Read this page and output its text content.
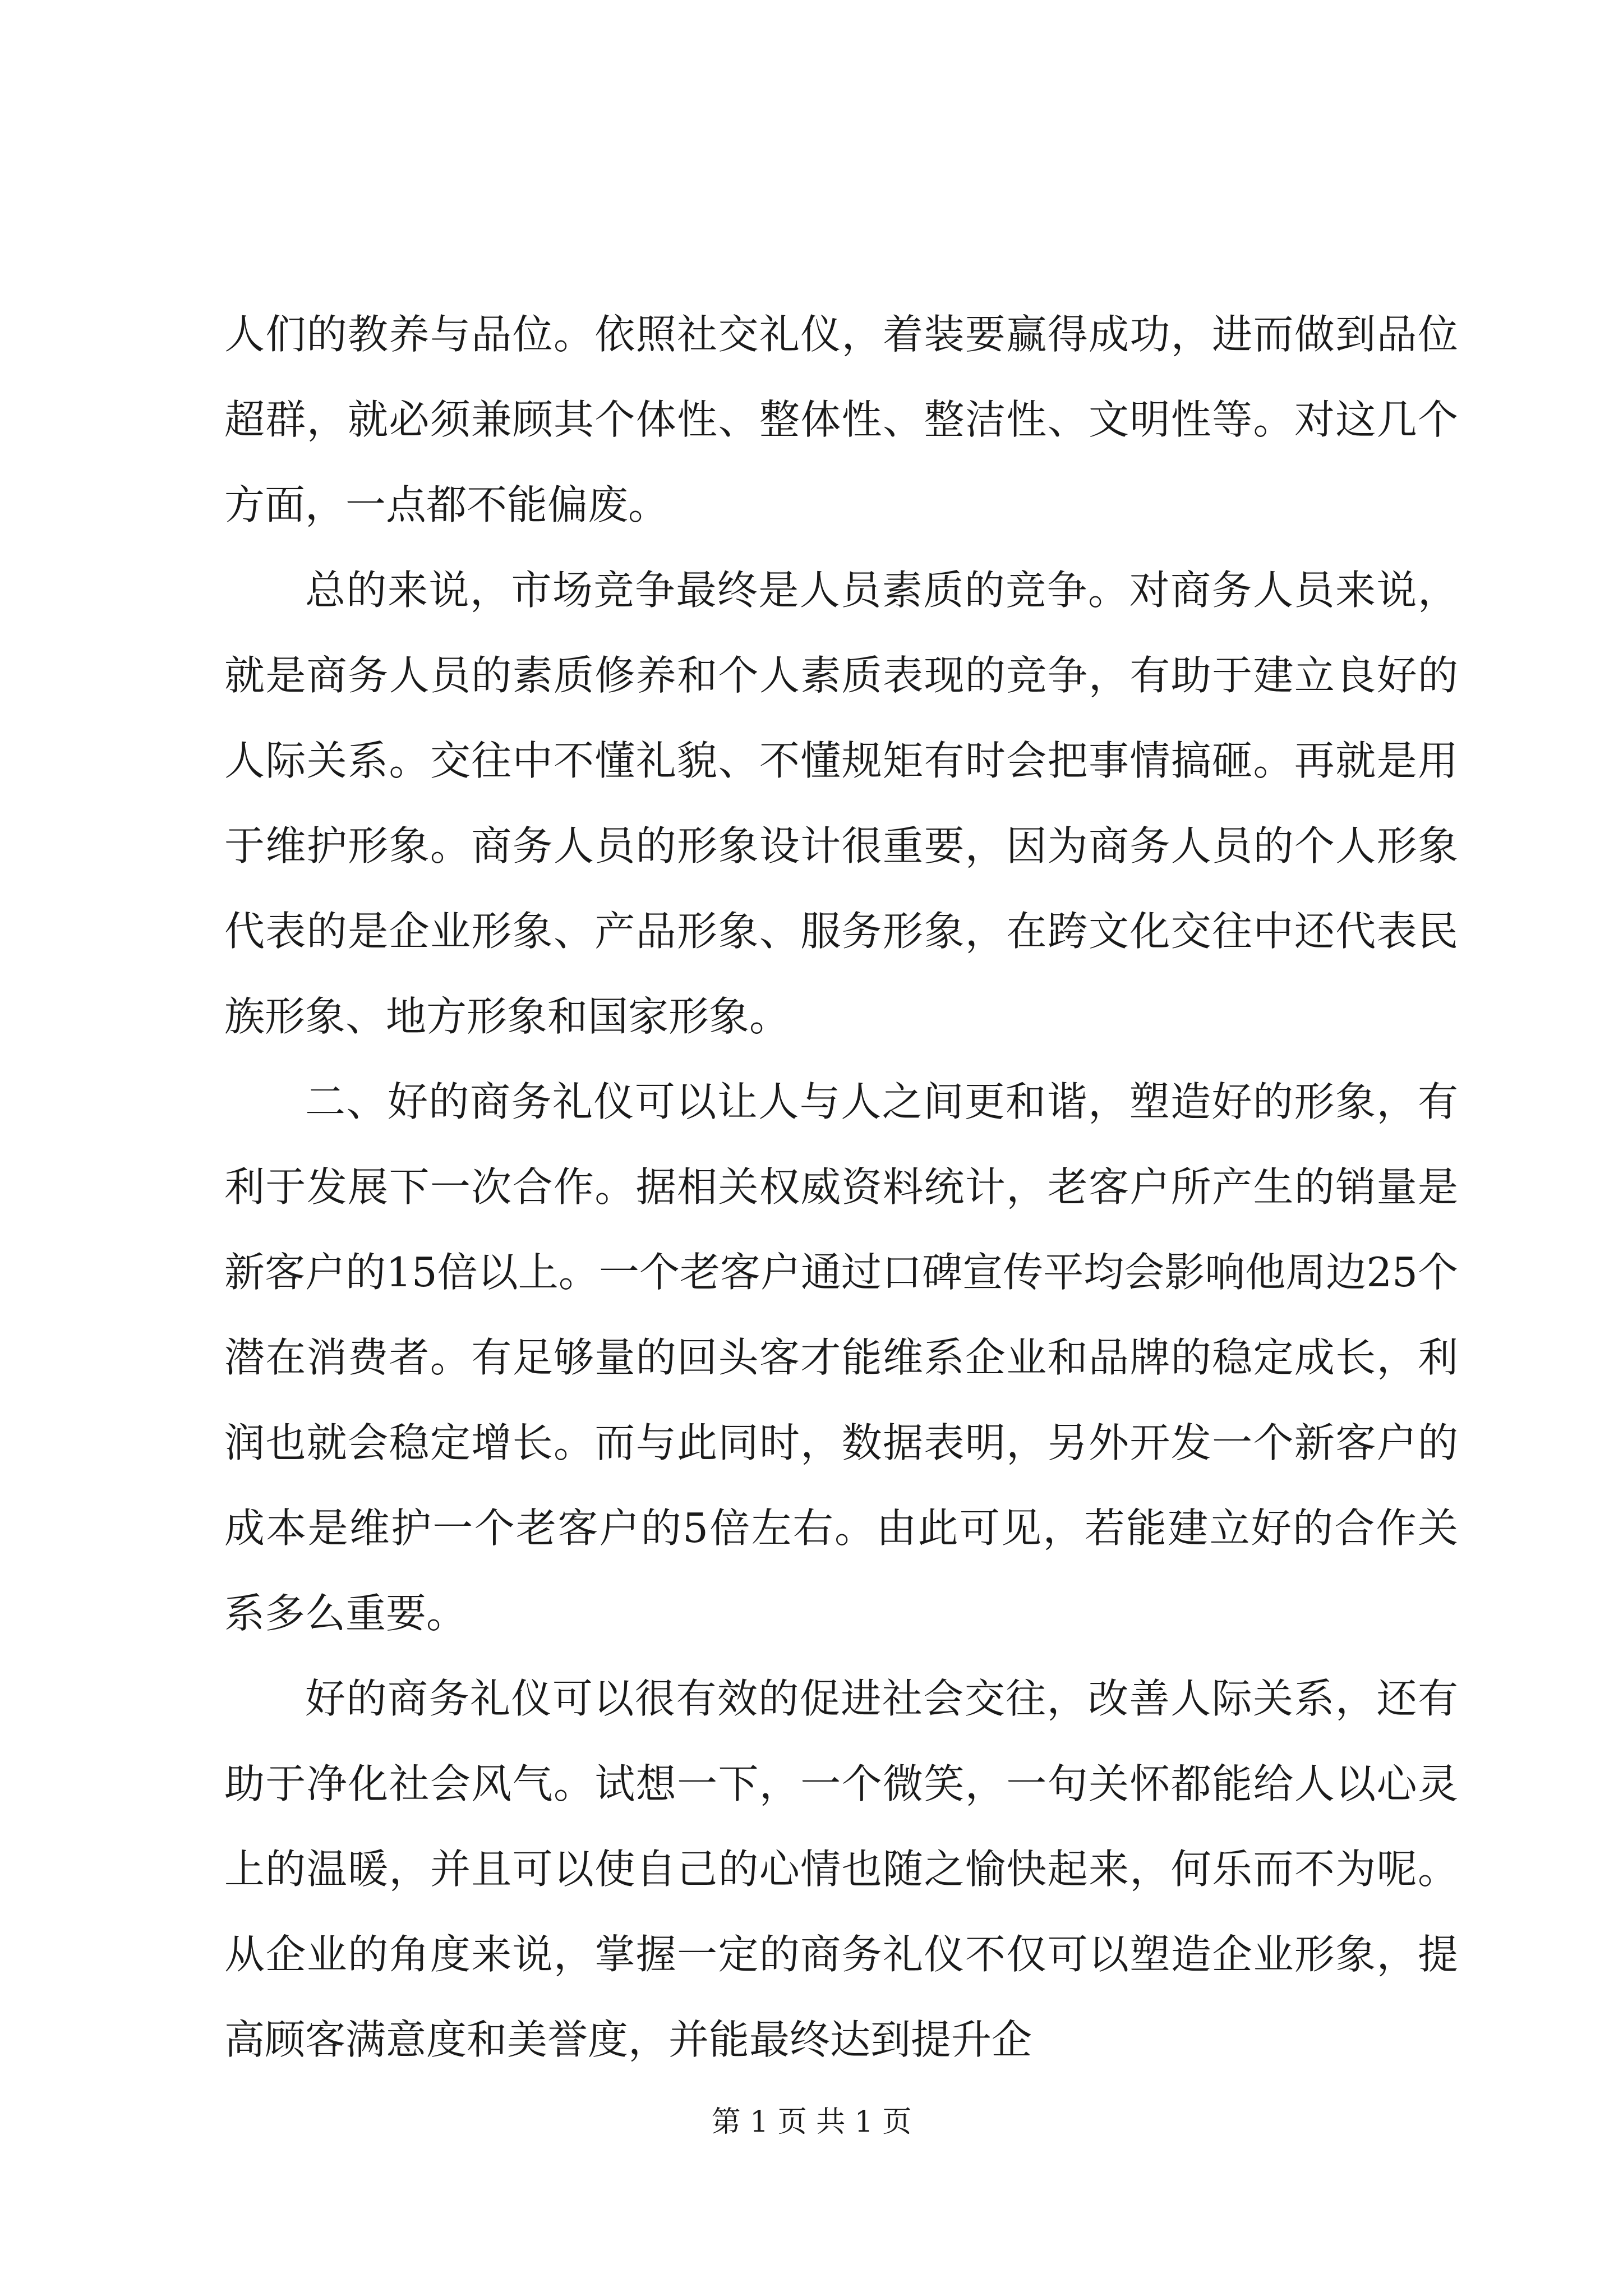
人们的教养与品位。依照社交礼仪，着装要赢得成功，进而做到品位超群，就必须兼顾其个体性、整体性、整洁性、文明性等。对这几个方面，一点都不能偏废。

总的来说，市场竞争最终是人员素质的竞争。对商务人员来说，就是商务人员的素质修养和个人素质表现的竞争，有助于建立良好的人际关系。交往中不懂礼貌、不懂规矩有时会把事情搞砸。再就是用于维护形象。商务人员的形象设计很重要，因为商务人员的个人形象代表的是企业形象、产品形象、服务形象，在跨文化交往中还代表民族形象、地方形象和国家形象。

二、好的商务礼仪可以让人与人之间更和谐，塑造好的形象，有利于发展下一次合作。据相关权威资料统计，老客户所产生的销量是新客户的15倍以上。一个老客户通过口碑宣传平均会影响他周边25个潜在消费者。有足够量的回头客才能维系企业和品牌的稳定成长，利润也就会稳定增长。而与此同时，数据表明，另外开发一个新客户的成本是维护一个老客户的5倍左右。由此可见，若能建立好的合作关系多么重要。

好的商务礼仪可以很有效的促进社会交往，改善人际关系，还有助于净化社会风气。试想一下，一个微笑，一句关怀都能给人以心灵上的温暖，并且可以使自己的心情也随之愉快起来，何乐而不为呢。从企业的角度来说，掌握一定的商务礼仪不仅可以塑造企业形象，提高顾客满意度和美誉度，并能最终达到提升企

第 1 页 共 1 页
